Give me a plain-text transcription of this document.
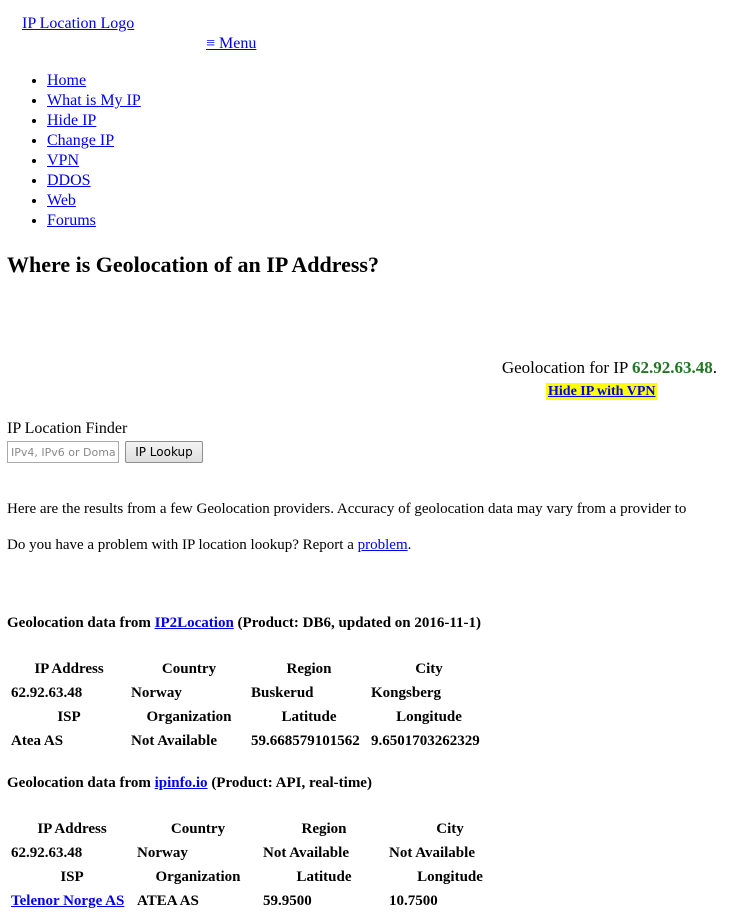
IP Location Logo
≡ Menu
• Home
• What is My IP
• Hide IP
• Change IP
• VPN
• DDOS
• Web
• Forums
Where is Geolocation of an IP Address?
Geolocation for IP 62.92.63.48.
Hide IP with VPN
IP Location Finder
IPv4, IPv6 or Domain
IP Lookup
Here are the results from a few Geolocation providers. Accuracy of geolocation data may vary from a provider to
Do you have a problem with IP location lookup? Report a problem.
Geolocation data from IP2Location (Product: DB6, updated on 2016-11-1)
IP Address	Country	Region	City
62.92.63.48	Norway	Buskerud	Kongsberg
ISP	Organization	Latitude	Longitude
Atea AS	Not Available	59.668579101562	9.6501703262329
Geolocation data from ipinfo.io (Product: API, real-time)
IP Address	Country	Region	City
62.92.63.48	Norway	Not Available	Not Available
ISP	Organization	Latitude	Longitude
Telenor Norge AS	ATEA AS	59.9500	10.7500
